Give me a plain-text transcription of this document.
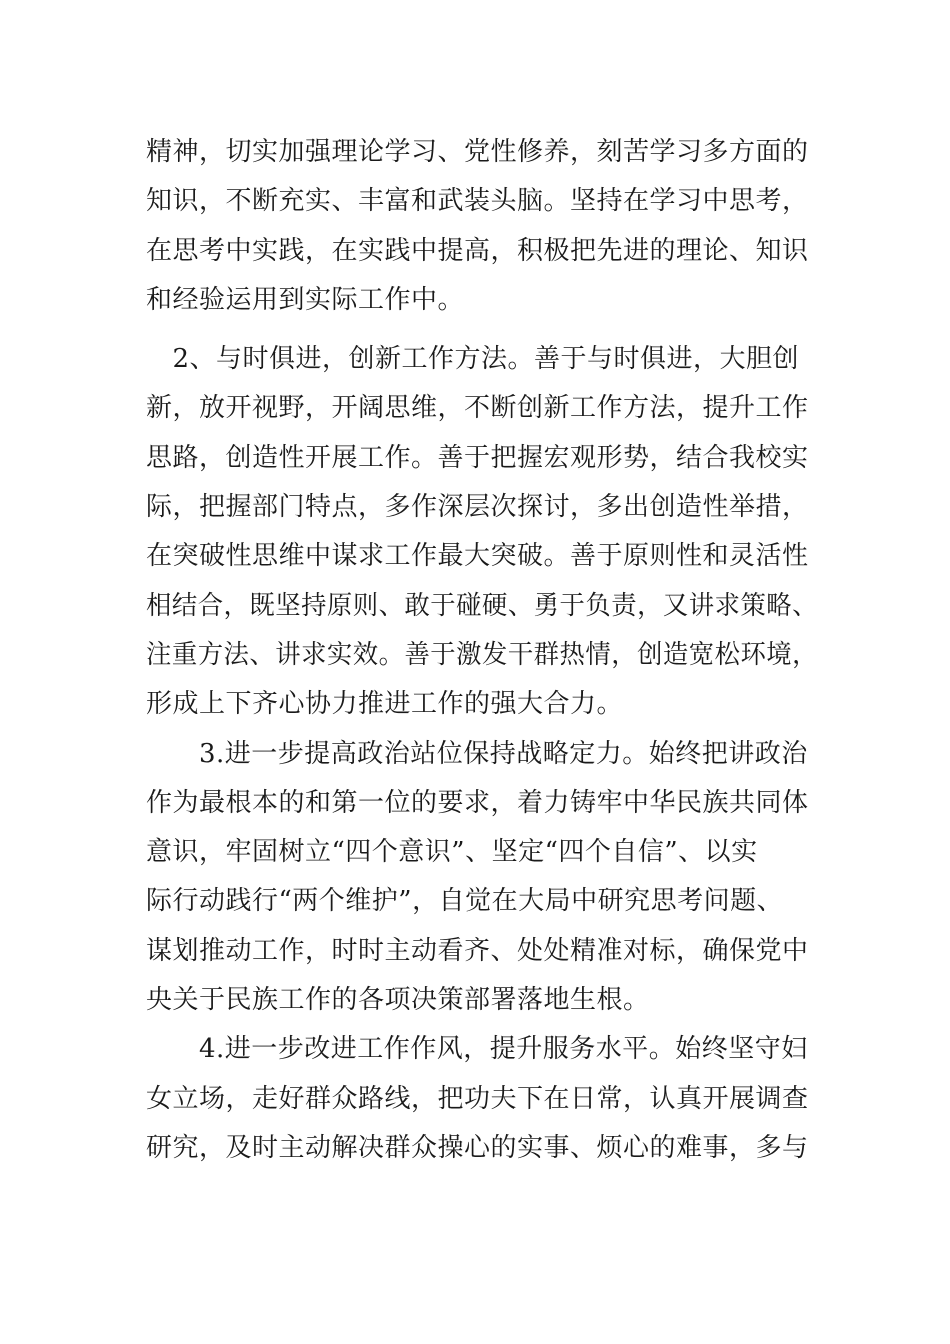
精神，切实加强理论学习、党性修养，刻苦学习多方面的
知识，不断充实、丰富和武装头脑。坚持在学习中思考，
在思考中实践，在实践中提高，积极把先进的理论、知识
和经验运用到实际工作中。
　2、与时俱进，创新工作方法。善于与时俱进，大胆创
新，放开视野，开阔思维，不断创新工作方法，提升工作
思路，创造性开展工作。善于把握宏观形势，结合我校实
际，把握部门特点，多作深层次探讨，多出创造性举措，
在突破性思维中谋求工作最大突破。善于原则性和灵活性
相结合，既坚持原则、敢于碰硬、勇于负责，又讲求策略、
注重方法、讲求实效。善于激发干群热情，创造宽松环境，
形成上下齐心协力推进工作的强大合力。
　　3.进一步提高政治站位保持战略定力。始终把讲政治
作为最根本的和第一位的要求，着力铸牢中华民族共同体
意识，牢固树立“四个意识”、坚定“四个自信”、以实
际行动践行“两个维护”，自觉在大局中研究思考问题、
谋划推动工作，时时主动看齐、处处精准对标，确保党中
央关于民族工作的各项决策部署落地生根。
　　4.进一步改进工作作风，提升服务水平。始终坚守妇
女立场，走好群众路线，把功夫下在日常，认真开展调查
研究，及时主动解决群众操心的实事、烦心的难事，多与
